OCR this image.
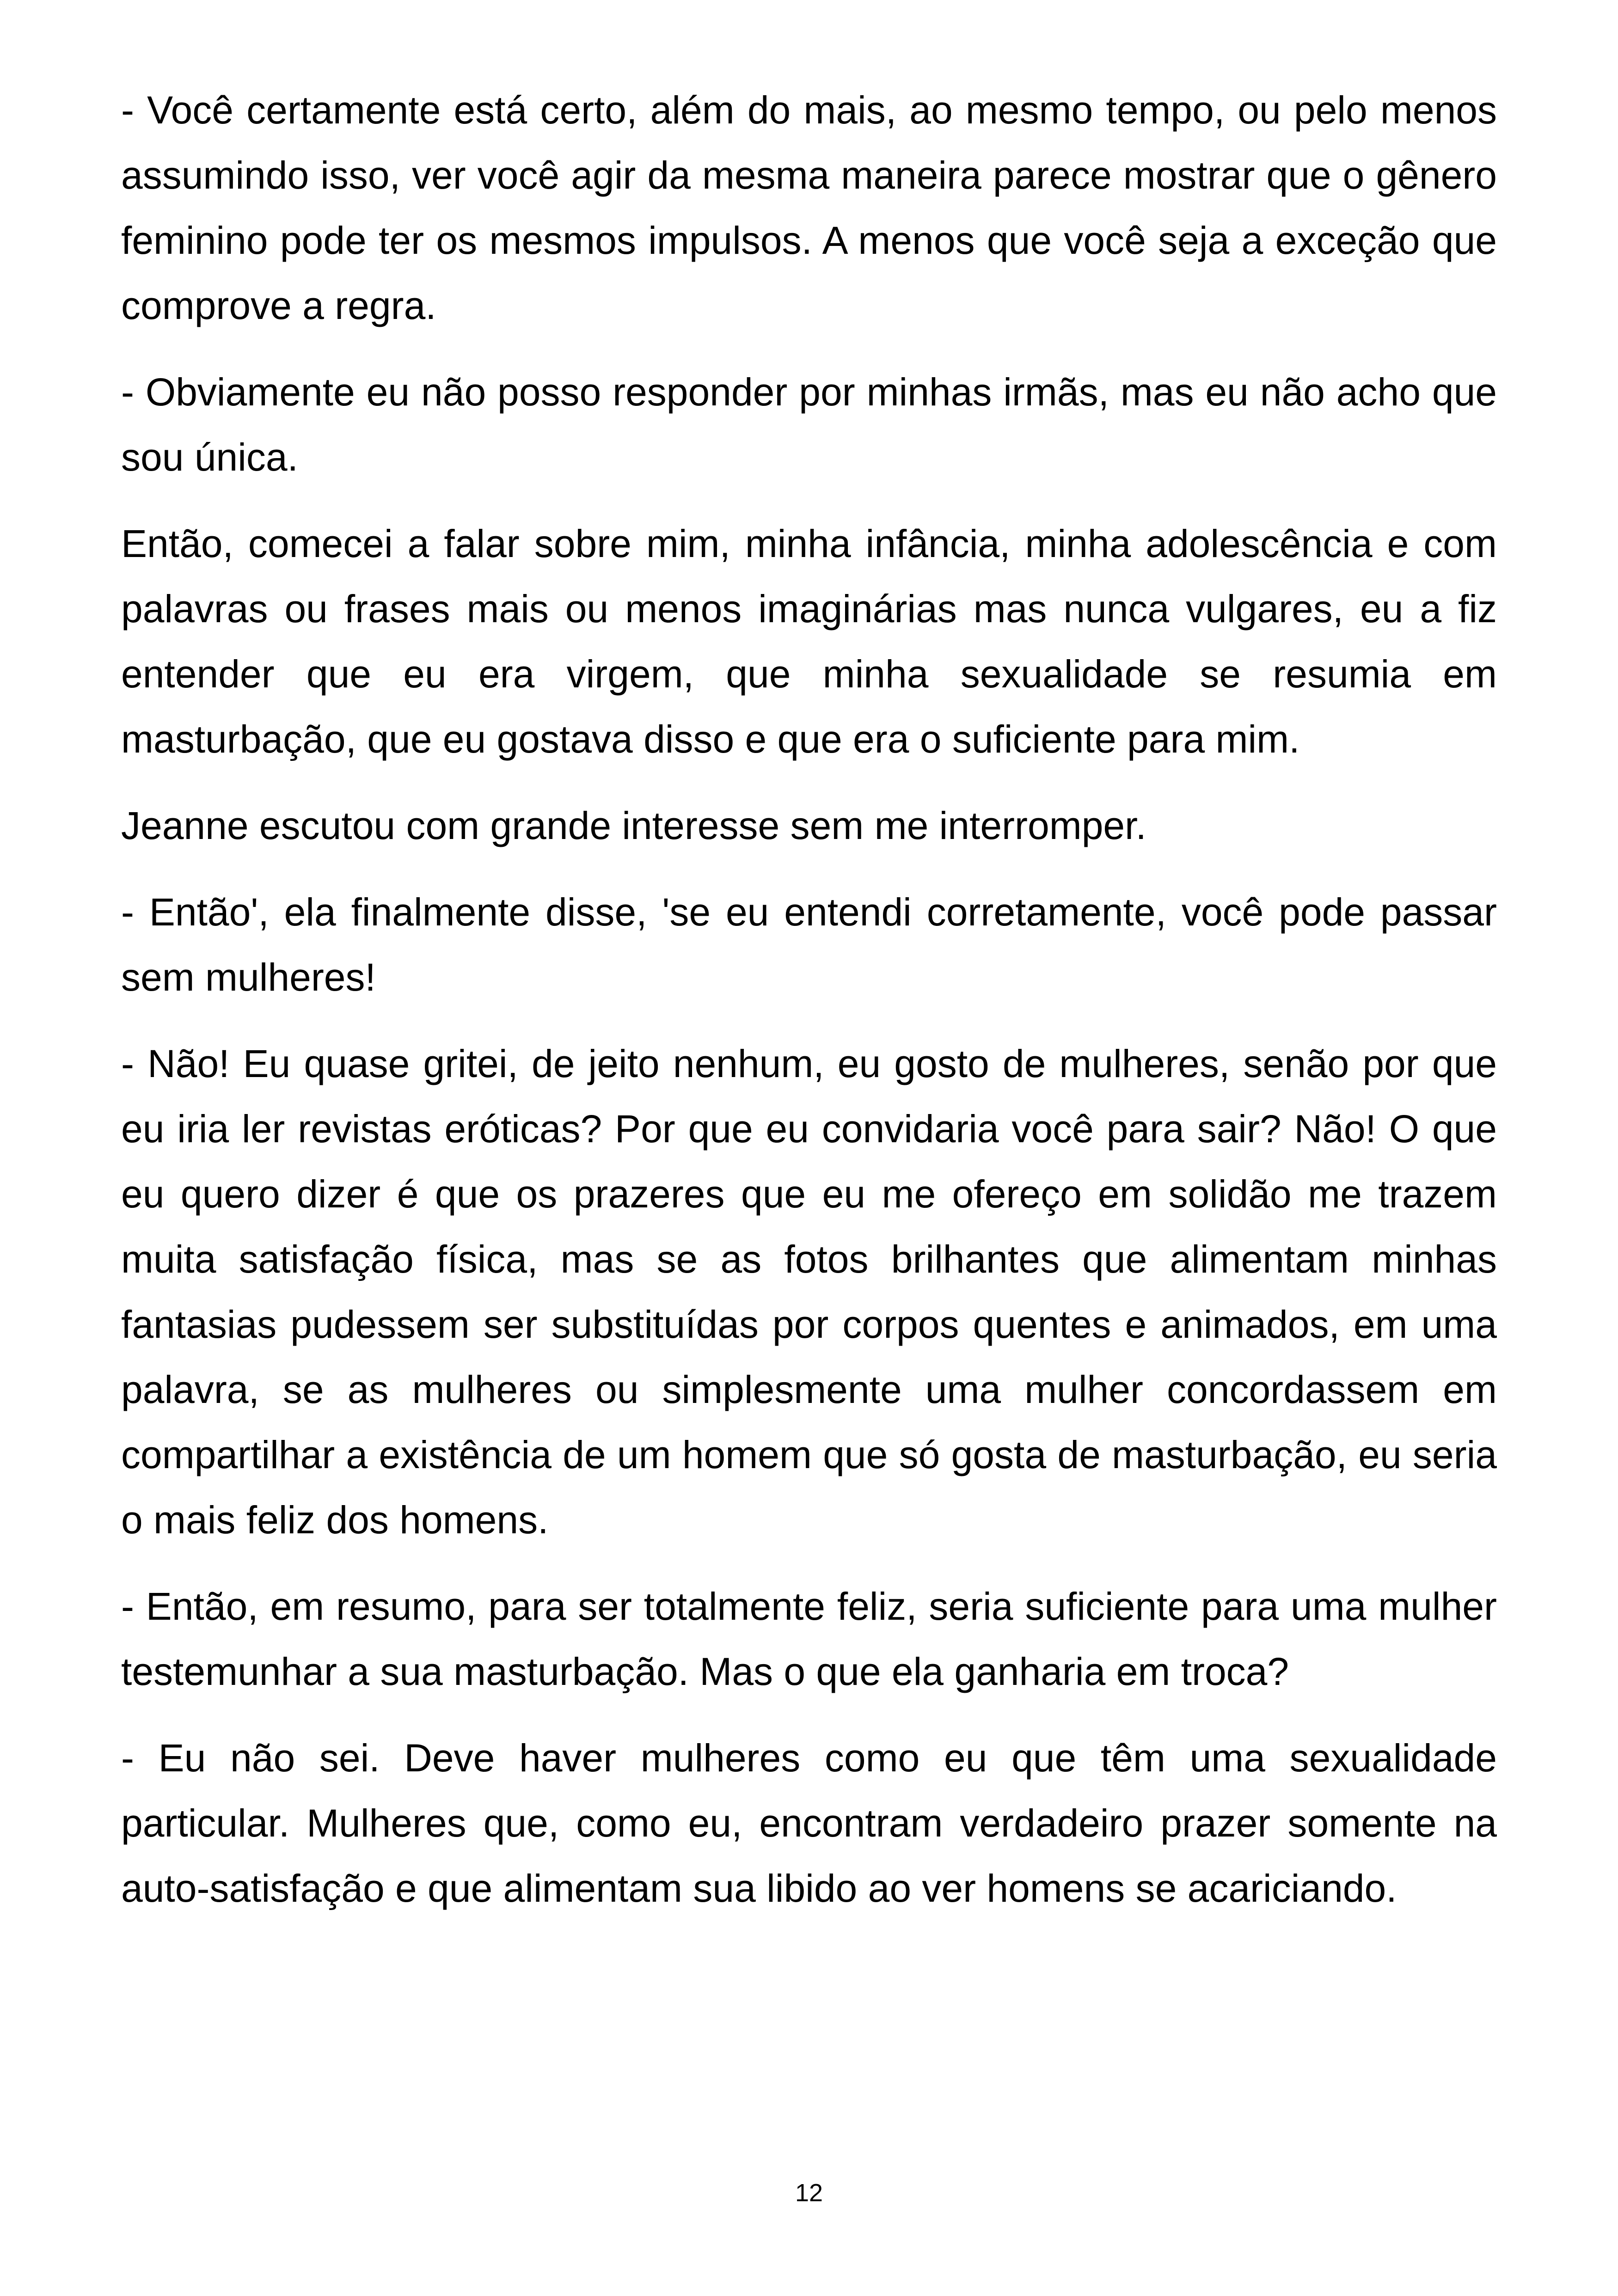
- Você certamente está certo, além do mais, ao mesmo tempo, ou pelo menos assumindo isso, ver você agir da mesma maneira parece mostrar que o gênero feminino pode ter os mesmos impulsos. A menos que você seja a exceção que comprove a regra.

- Obviamente eu não posso responder por minhas irmãs, mas eu não acho que sou única.

Então, comecei a falar sobre mim, minha infância, minha adolescência e com palavras ou frases mais ou menos imaginárias mas nunca vulgares, eu a fiz entender que eu era virgem, que minha sexualidade se resumia em masturbação, que eu gostava disso e que era o suficiente para mim.

Jeanne escutou com grande interesse sem me interromper.

- Então', ela finalmente disse, 'se eu entendi corretamente, você pode passar sem mulheres!

- Não! Eu quase gritei, de jeito nenhum, eu gosto de mulheres, senão por que eu iria ler revistas eróticas? Por que eu convidaria você para sair? Não! O que eu quero dizer é que os prazeres que eu me ofereço em solidão me trazem muita satisfação física, mas se as fotos brilhantes que alimentam minhas fantasias pudessem ser substituídas por corpos quentes e animados, em uma palavra, se as mulheres ou simplesmente uma mulher concordassem em compartilhar a existência de um homem que só gosta de masturbação, eu seria o mais feliz dos homens.

- Então, em resumo, para ser totalmente feliz, seria suficiente para uma mulher testemunhar a sua masturbação. Mas o que ela ganharia em troca?

- Eu não sei. Deve haver mulheres como eu que têm uma sexualidade particular. Mulheres que, como eu, encontram verdadeiro prazer somente na auto-satisfação e que alimentam sua libido ao ver homens se acariciando.

12
